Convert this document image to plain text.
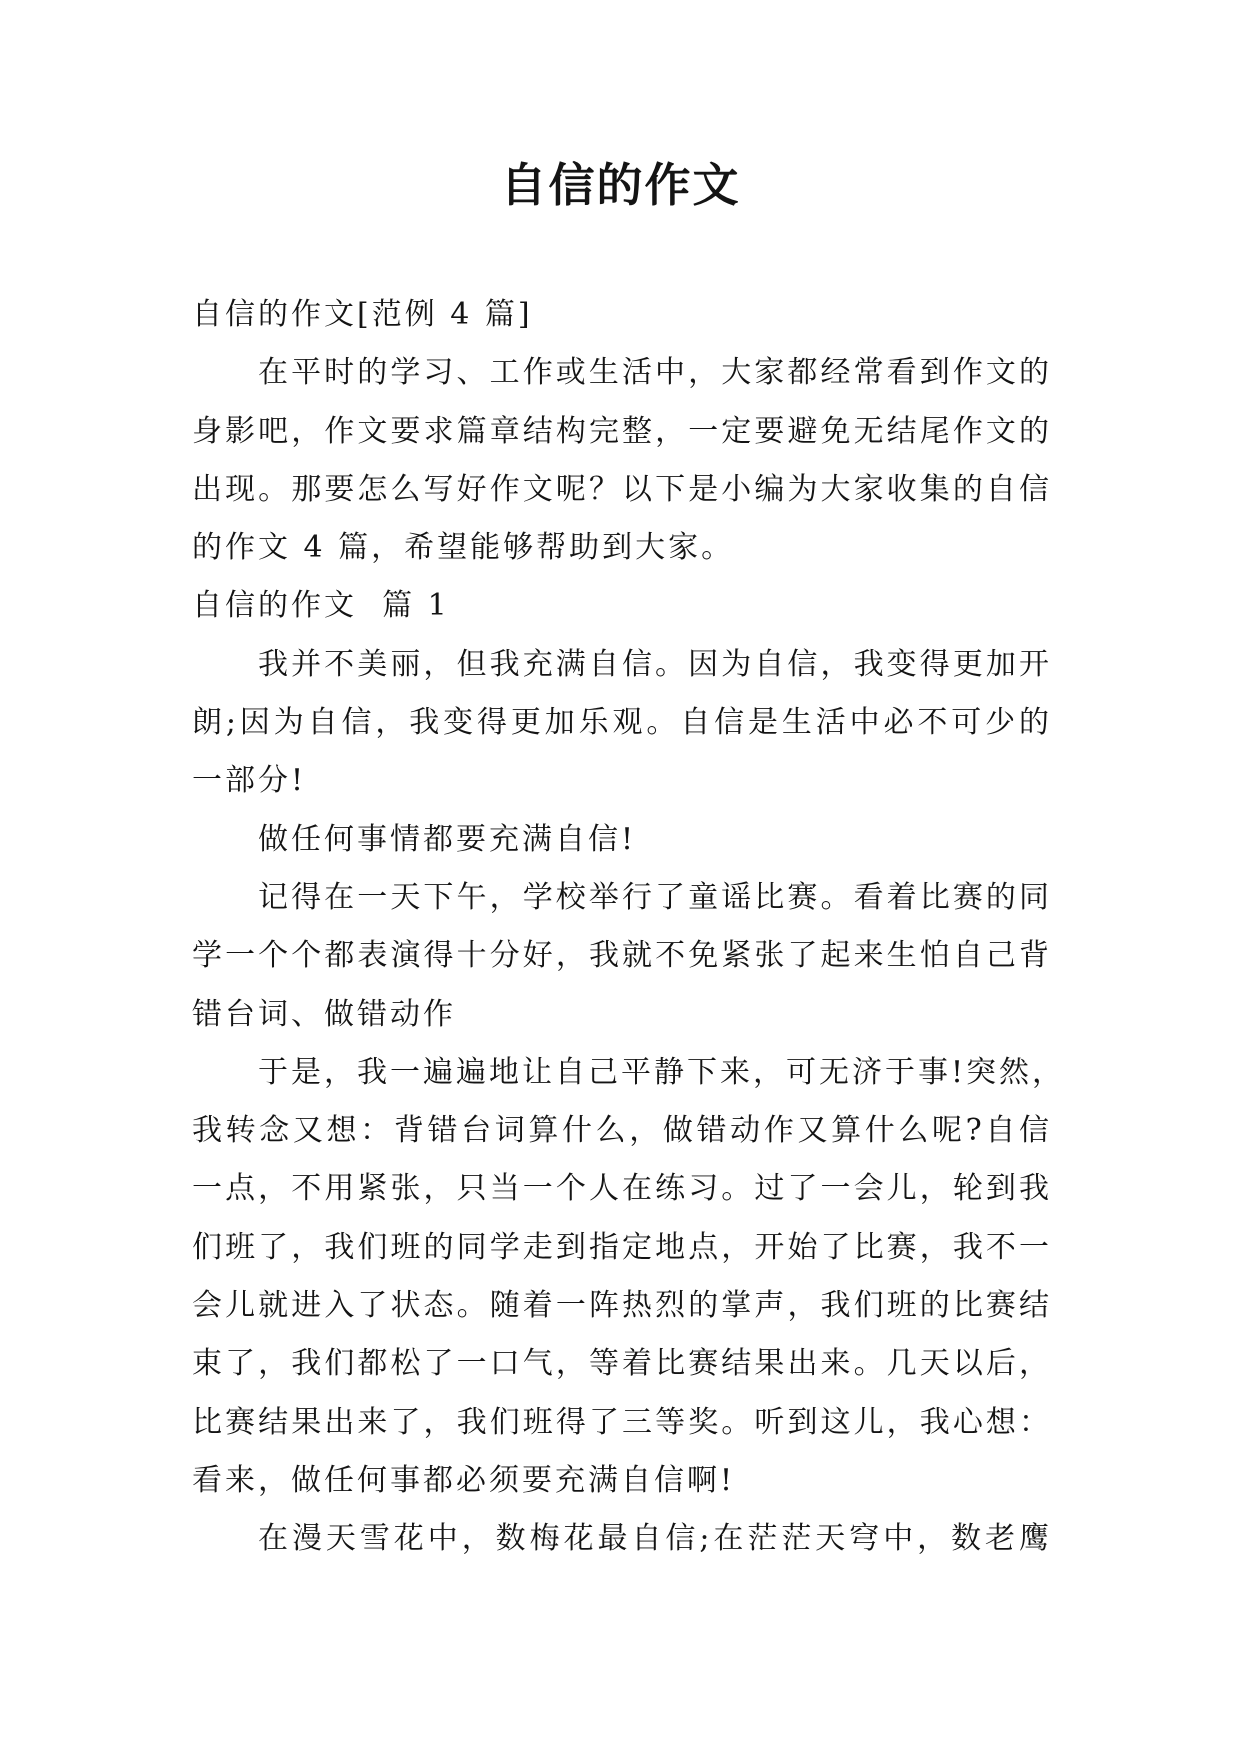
自信的作文
自信的作文[范例 4 篇]
在平时的学习、工作或生活中，大家都经常看到作文的
身影吧，作文要求篇章结构完整，一定要避免无结尾作文的
出现。那要怎么写好作文呢？以下是小编为大家收集的自信
的作文 4 篇，希望能够帮助到大家。
自信的作文  篇 1
我并不美丽，但我充满自信。因为自信，我变得更加开
朗;因为自信，我变得更加乐观。自信是生活中必不可少的
一部分!
做任何事情都要充满自信!
记得在一天下午，学校举行了童谣比赛。看着比赛的同
学一个个都表演得十分好，我就不免紧张了起来生怕自己背
错台词、做错动作
于是，我一遍遍地让自己平静下来，可无济于事!突然，
我转念又想：背错台词算什么，做错动作又算什么呢?自信
一点，不用紧张，只当一个人在练习。过了一会儿，轮到我
们班了，我们班的同学走到指定地点，开始了比赛，我不一
会儿就进入了状态。随着一阵热烈的掌声，我们班的比赛结
束了，我们都松了一口气，等着比赛结果出来。几天以后，
比赛结果出来了，我们班得了三等奖。听到这儿，我心想：
看来，做任何事都必须要充满自信啊!
在漫天雪花中，数梅花最自信;在茫茫天穹中，数老鹰
